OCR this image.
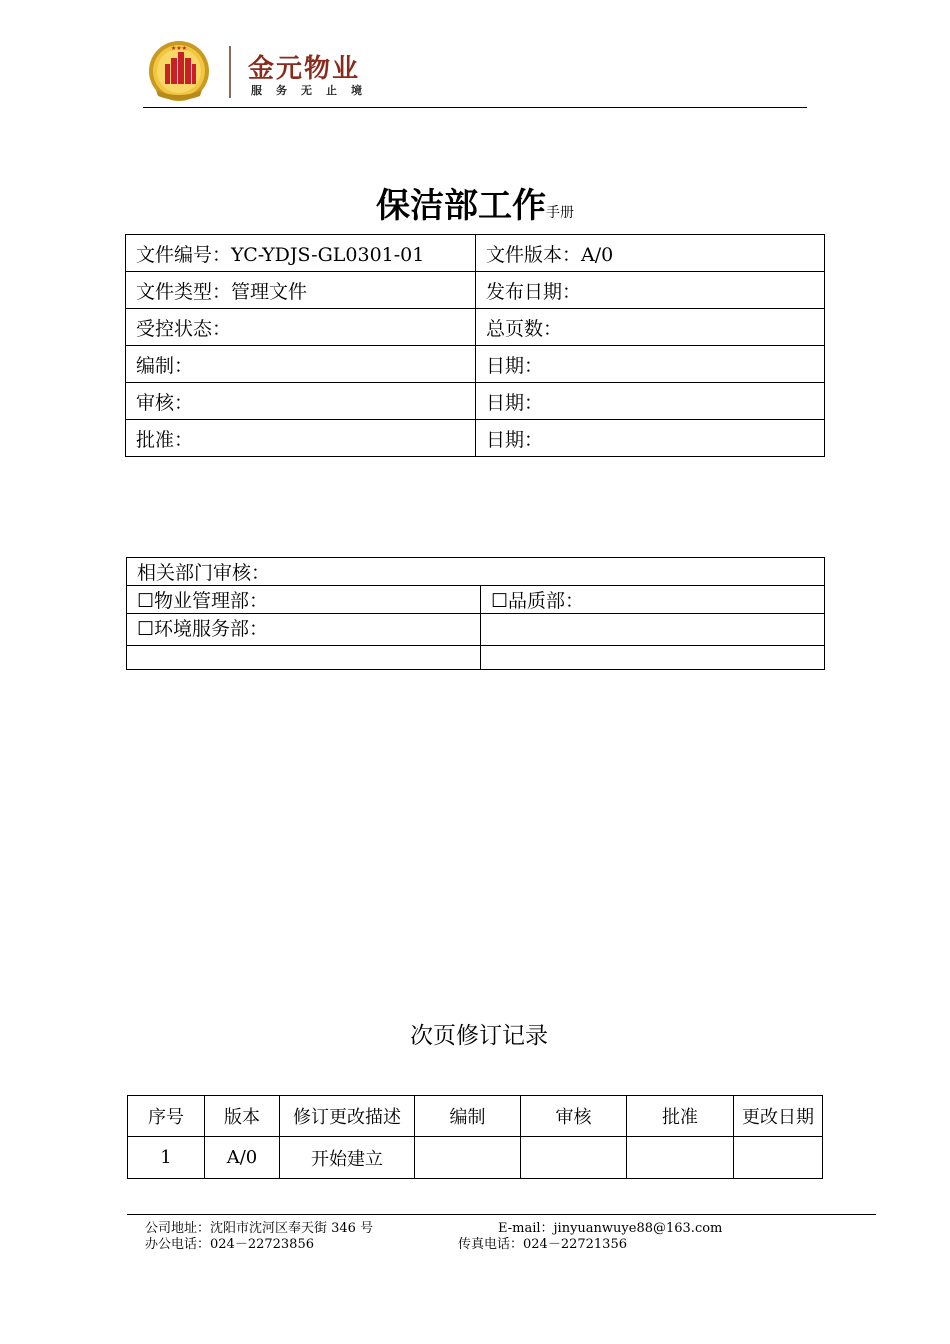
★★★
金元物业
服务无止境
保洁部工作手册
文件编号：YC-YDJS-GL0301-01	文件版本：A/0
文件类型：管理文件	发布日期：
受控状态：	总页数：
编制：	日期：
审核：	日期：
批准：	日期：
相关部门审核：	
☐物业管理部：	☐品质部：
☐环境服务部：	

次页修订记录
序号	版本	修订更改描述	编制	审核	批准	更改日期
1	A/0	开始建立				
公司地址：沈阳市沈河区奉天街 346 号	E-mail：jinyuanwuye88@163.com
办公电话：024－22723856	传真电话：024－22721356
